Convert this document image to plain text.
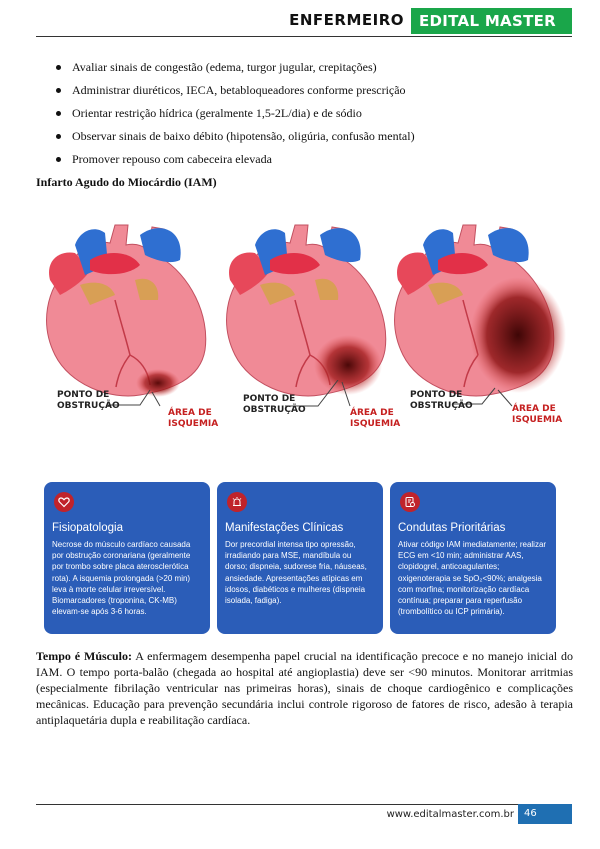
ENFERMEIRO	EDITAL MASTER
Avaliar sinais de congestão (edema, turgor jugular, crepitações)
Administrar diuréticos, IECA, betabloqueadores conforme prescrição
Orientar restrição hídrica (geralmente 1,5-2L/dia) e de sódio
Observar sinais de baixo débito (hipotensão, oligúria, confusão mental)
Promover repouso com cabeceira elevada
Infarto Agudo do Miocárdio (IAM)
PONTO DE
OBSTRUÇÃO
ÁREA DE
ISQUEMIA
PONTO DE
OBSTRUÇÃO	ÁREA DE
ISQUEMIA
PONTO DE
OBSTRUÇÃO	ÁREA DE
ISQUEMIA
Fisiopatologia
Necrose do músculo cardíaco causada por obstrução coronariana (geralmente por trombo sobre placa aterosclerótica rota). A isquemia prolongada (>20 min) leva à morte celular irreversível. Biomarcadores (troponina, CK-MB) elevam-se após 3-6 horas.
Manifestações Clínicas
Dor precordial intensa tipo opressão, irradiando para MSE, mandíbula ou dorso; dispneia, sudorese fria, náuseas, ansiedade. Apresentações atípicas em idosos, diabéticos e mulheres (dispneia isolada, fadiga).
Condutas Prioritárias
Ativar código IAM imediatamente; realizar ECG em <10 min; administrar AAS, clopidogrel, anticoagulantes; oxigenoterapia se SpO₂<90%; analgesia com morfina; monitorização cardíaca contínua; preparar para reperfusão (trombolítico ou ICP primária).
Tempo é Músculo: A enfermagem desempenha papel crucial na identificação precoce e no manejo inicial do IAM. O tempo porta-balão (chegada ao hospital até angioplastia) deve ser <90 minutos. Monitorar arritmias (especialmente fibrilação ventricular nas primeiras horas), sinais de choque cardiogênico e complicações mecânicas. Educação para prevenção secundária inclui controle rigoroso de fatores de risco, adesão à terapia antiplaquetária dupla e reabilitação cardíaca.
www.editalmaster.com.br	46
